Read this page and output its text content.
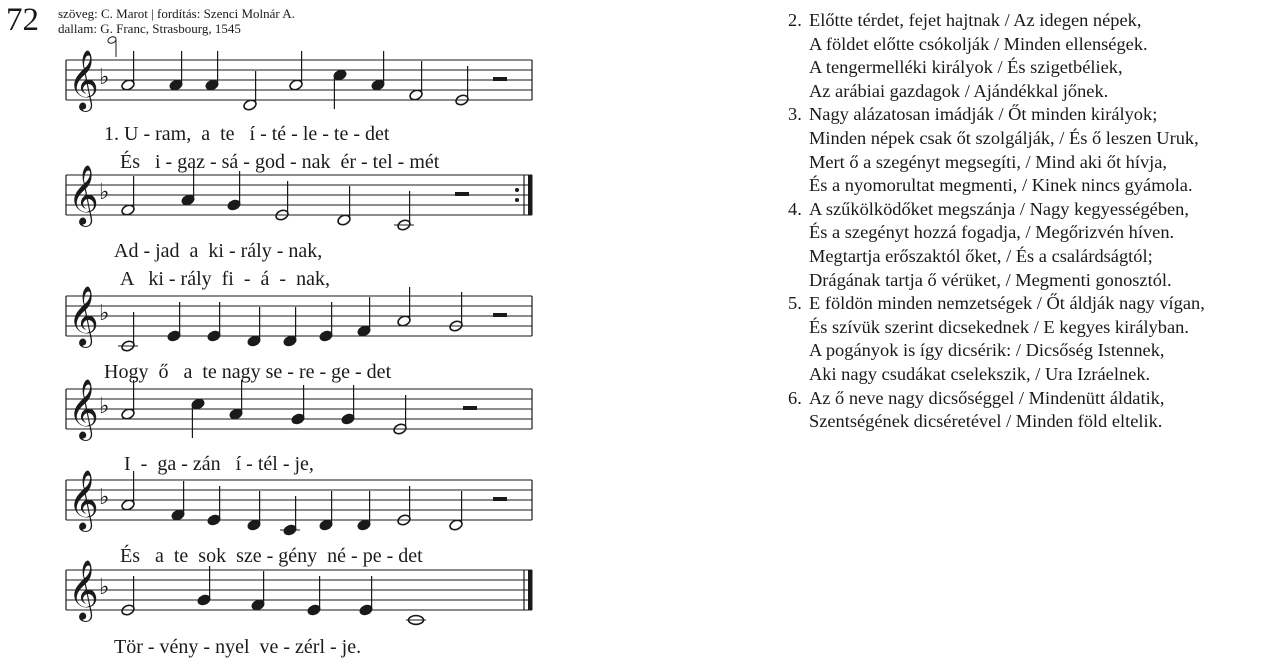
72 szöveg: C. Marot | fordítás: Szenci Molnár A.
dallam: G. Franc, Strasbourg, 1545
𝄞 ♭
𝄞 ♭
𝄞 ♭
𝄞 ♭
𝄞 ♭
𝄞 ♭
1. U - ram,  a  te   í - té - le - te - det
És   i - gaz - sá - god - nak  ér - tel - mét
Ad - jad  a  ki - rály - nak,
A   ki - rály  fi  -  á  -  nak,
Hogy  ő   a  te nagy se - re - ge - det
I  -  ga - zán   í - tél - je,
És   a  te  sok  sze - gény  né - pe - det
Tör - vény - nyel  ve - zérl - je.
2. Előtte térdet, fejet hajtnak / Az idegen népek,
A földet előtte csókolják / Minden ellenségek.
A tengermelléki királyok / És szigetbéliek,
Az arábiai gazdagok / Ajándékkal jőnek.
3. Nagy alázatosan imádják / Őt minden királyok;
Minden népek csak őt szolgálják, / És ő leszen Uruk,
Mert ő a szegényt megsegíti, / Mind aki őt hívja,
És a nyomorultat megmenti, / Kinek nincs gyámola.
4. A szűkölködőket megszánja / Nagy kegyességében,
És a szegényt hozzá fogadja, / Megőrizvén híven.
Megtartja erőszaktól őket, / És a csalárdságtól;
Drágának tartja ő vérüket, / Megmenti gonosztól.
5. E földön minden nemzetségek / Őt áldják nagy vígan,
És szívük szerint dicsekednek / E kegyes királyban.
A pogányok is így dicsérik: / Dicsőség Istennek,
Aki nagy csudákat cselekszik, / Ura Izráelnek.
6. Az ő neve nagy dicsőséggel / Mindenütt áldatik,
Szentségének dicséretével / Minden föld eltelik.
